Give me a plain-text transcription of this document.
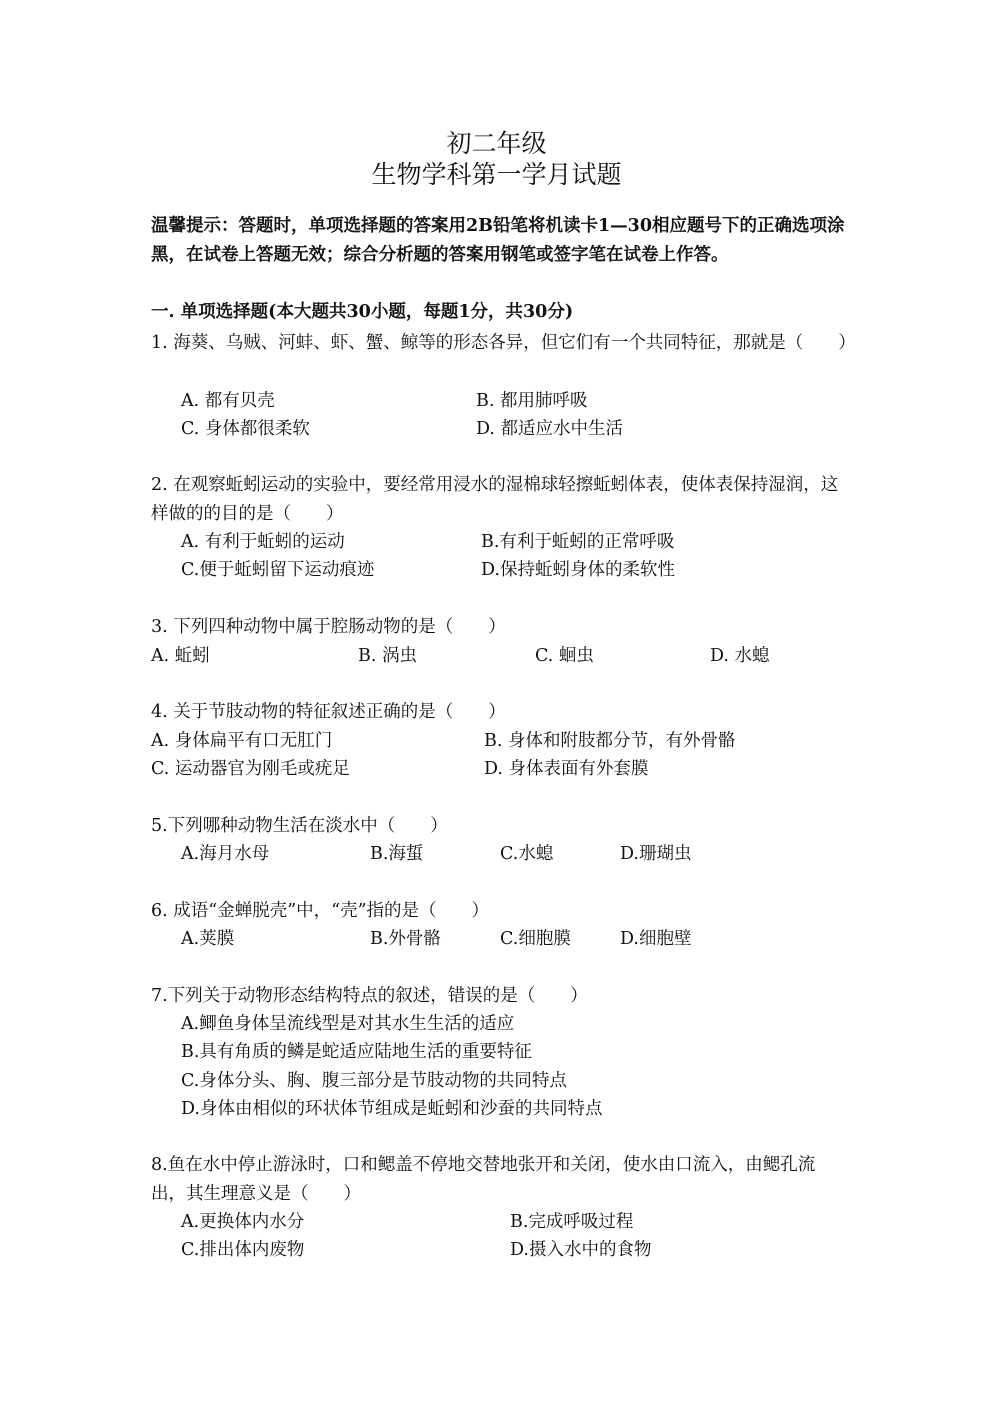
初二年级
生物学科第一学月试题
温馨提示：答题时，单项选择题的答案用2B铅笔将机读卡1—30相应题号下的正确选项涂黑，在试卷上答题无效；综合分析题的答案用钢笔或签字笔在试卷上作答。
一. 单项选择题(本大题共30小题，每题1分，共30分)
1. 海葵、乌贼、河蚌、虾、蟹、鲸等的形态各异，但它们有一个共同特征，那就是（　　）
A. 都有贝壳	B. 都用肺呼吸
C. 身体都很柔软	D. 都适应水中生活
2. 在观察蚯蚓运动的实验中，要经常用浸水的湿棉球轻擦蚯蚓体表，使体表保持湿润，这样做的的目的是（　　）
A. 有利于蚯蚓的运动	B.有利于蚯蚓的正常呼吸
C.便于蚯蚓留下运动痕迹	D.保持蚯蚓身体的柔软性
3. 下列四种动物中属于腔肠动物的是（　　）
A. 蚯蚓	B. 涡虫	C. 蛔虫	D. 水螅
4. 关于节肢动物的特征叙述正确的是（　　）
A. 身体扁平有口无肛门	B. 身体和附肢都分节，有外骨骼
C. 运动器官为刚毛或疣足	D. 身体表面有外套膜
5.下列哪种动物生活在淡水中（　　）
A.海月水母	B.海蜇	C.水螅	D.珊瑚虫
6. 成语“金蝉脱壳”中，“壳”指的是（　　）
A.荚膜	B.外骨骼	C.细胞膜	D.细胞壁
7.下列关于动物形态结构特点的叙述，错误的是（　　）
A.鲫鱼身体呈流线型是对其水生生活的适应
B.具有角质的鳞是蛇适应陆地生活的重要特征
C.身体分头、胸、腹三部分是节肢动物的共同特点
D.身体由相似的环状体节组成是蚯蚓和沙蚕的共同特点
8.鱼在水中停止游泳时，口和鳃盖不停地交替地张开和关闭，使水由口流入，由鳃孔流出，其生理意义是（　　）
A.更换体内水分	B.完成呼吸过程
C.排出体内废物	D.摄入水中的食物
